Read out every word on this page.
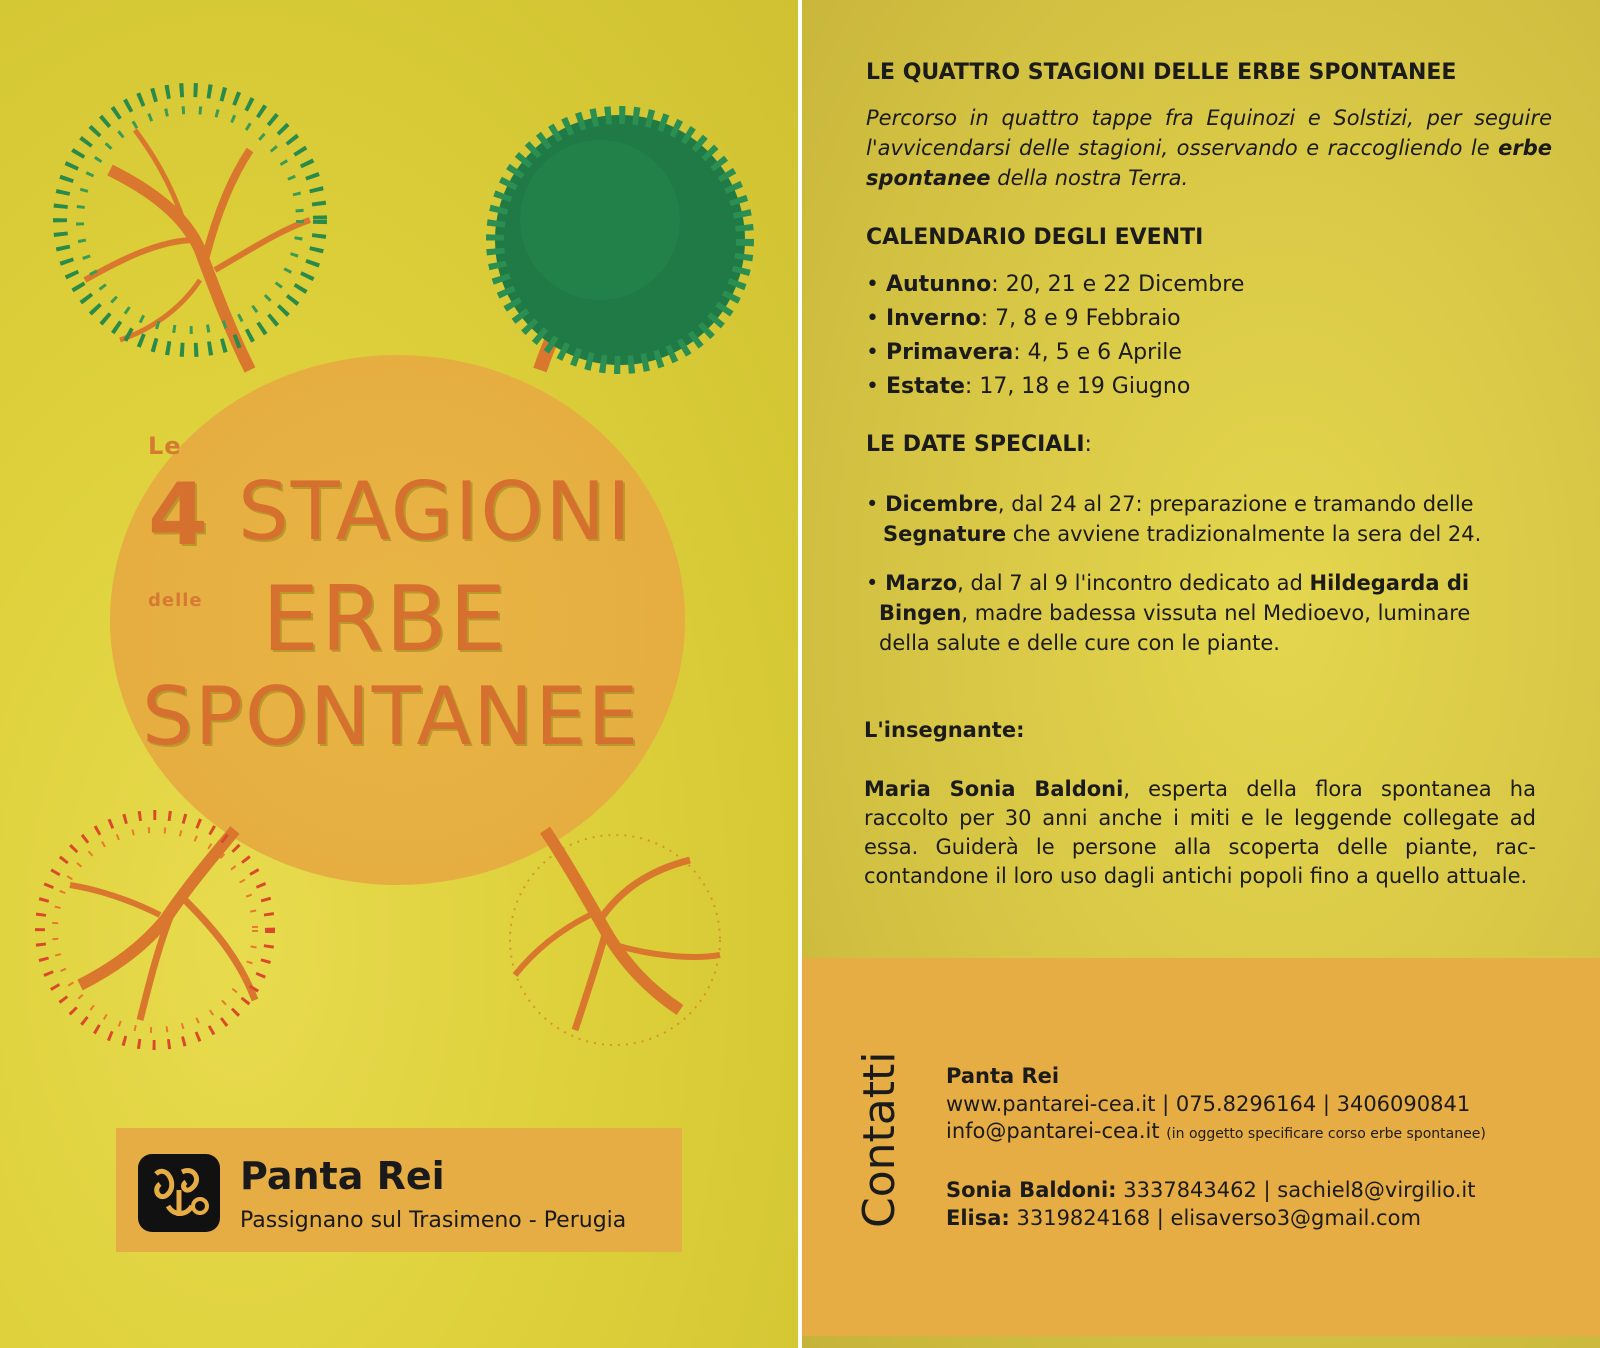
Le
4 STAGIONI
delle ERBE
SPONTANEE
Panta Rei
Passignano sul Trasimeno - Perugia
LE QUATTRO STAGIONI DELLE ERBE SPONTANEE
Percorso in quattro tappe fra Equinozi e Solstizi, per seguire l'avvicendarsi delle stagioni, osservando e raccogliendo le erbe spontanee della nostra Terra.
CALENDARIO DEGLI EVENTI
• Autunno: 20, 21 e 22 Dicembre
• Inverno: 7, 8 e 9 Febbraio
• Primavera: 4, 5 e 6 Aprile
• Estate: 17, 18 e 19 Giugno
LE DATE SPECIALI:
• Dicembre, dal 24 al 27: preparazione e tramando delle
Segnature che avviene tradizionalmente la sera del 24.
• Marzo, dal 7 al 9 l'incontro dedicato ad Hildegarda di
Bingen, madre badessa vissuta nel Medioevo, luminare
della salute e delle cure con le piante.
L'insegnante:
Maria Sonia Baldoni, esperta della flora spontanea ha raccolto per 30 anni anche i miti e le leggende collegate ad essa. Guiderà le persone alla scoperta delle piante, rac-contandone il loro uso dagli antichi popoli fino a quello attuale.
Contatti Panta Rei
www.pantarei-cea.it | 075.8296164 | 3406090841
info@pantarei-cea.it (in oggetto specificare corso erbe spontanee)
Sonia Baldoni: 3337843462 | sachiel8@virgilio.it
Elisa: 3319824168 | elisaverso3@gmail.com
